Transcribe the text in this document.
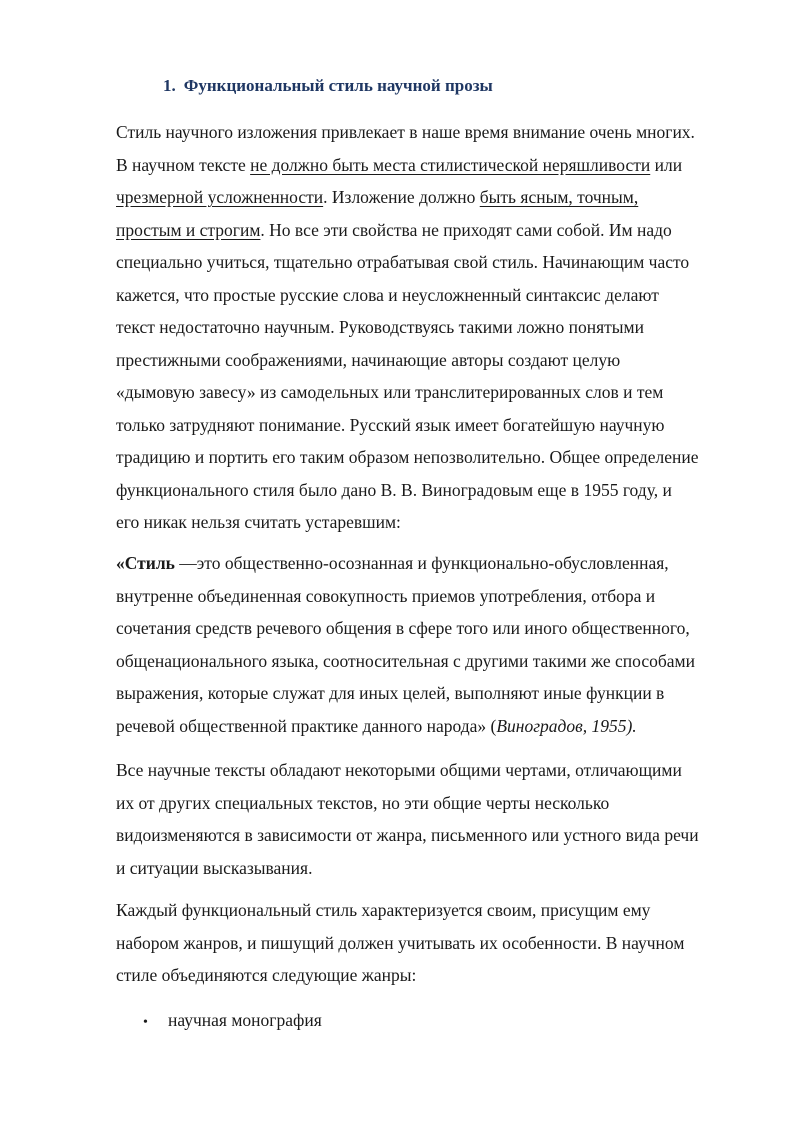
1. Функциональный стиль научной прозы
Стиль научного изложения привлекает в наше время внимание очень многих.
В научном тексте не должно быть места стилистической неряшливости или
чрезмерной усложненности. Изложение должно быть ясным, точным,
простым и строгим. Но все эти свойства не приходят сами собой. Им надо
специально учиться, тщательно отрабатывая свой стиль. Начинающим часто
кажется, что простые русские слова и неусложненный синтаксис делают
текст недостаточно научным. Руководствуясь такими ложно понятыми
престижными соображениями, начинающие авторы создают целую
«дымовую завесу» из самодельных или транслитерированных слов и тем
только затрудняют понимание. Русский язык имеет богатейшую научную
традицию и портить его таким образом непозволительно. Общее определение
функционального стиля было дано В. В. Виноградовым еще в 1955 году, и
его никак нельзя считать устаревшим:
«Стиль —это общественно-осознанная и функционально-обусловленная,
внутренне объединенная совокупность приемов употребления, отбора и
сочетания средств речевого общения в сфере того или иного общественного,
общенационального языка, соотносительная с другими такими же способами
выражения, которые служат для иных целей, выполняют иные функции в
речевой общественной практике данного народа» (Виноградов, 1955).
Все научные тексты обладают некоторыми общими чертами, отличающими
их от других специальных текстов, но эти общие черты несколько
видоизменяются в зависимости от жанра, письменного или устного вида речи
и ситуации высказывания.
Каждый функциональный стиль характеризуется своим, присущим ему
набором жанров, и пишущий должен учитывать их особенности. В научном
стиле объединяются следующие жанры:
• научная монография
